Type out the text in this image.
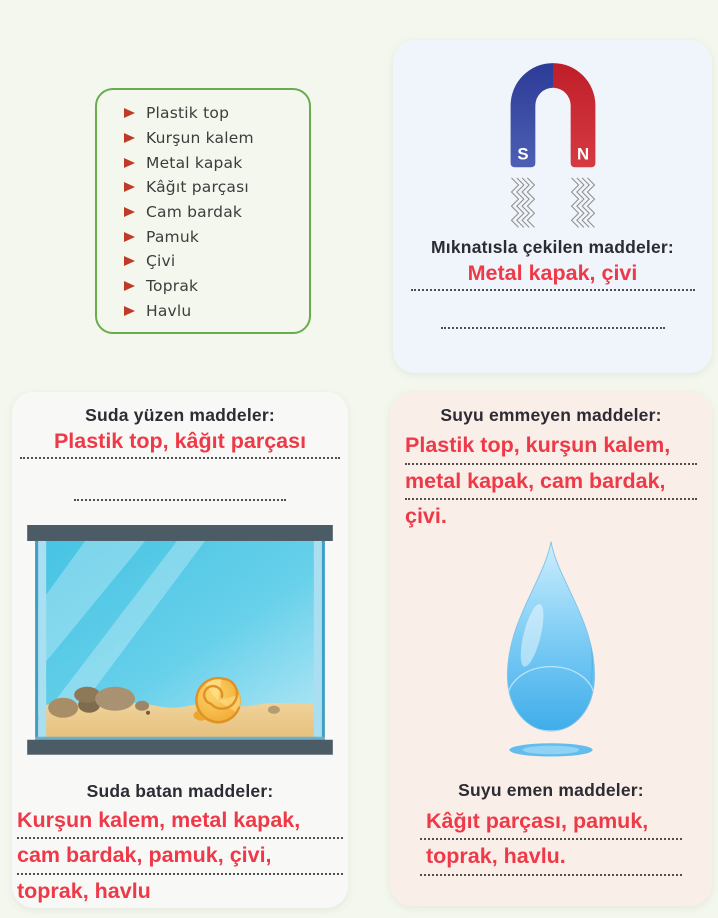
Plastik top
Kurşun kalem
Metal kapak
Kâğıt parçası
Cam bardak
Pamuk
Çivi
Toprak
Havlu
S	N
Mıknatısla çekilen maddeler:
Metal kapak, çivi
Suda yüzen maddeler:
Plastik top, kâğıt parçası
Suda batan maddeler:
Kurşun kalem, metal kapak,
cam bardak, pamuk, çivi,
toprak, havlu
Suyu emmeyen maddeler:
Plastik top, kurşun kalem,
metal kapak, cam bardak,
çivi.
Suyu emen maddeler:
Kâğıt parçası, pamuk,
toprak, havlu.
